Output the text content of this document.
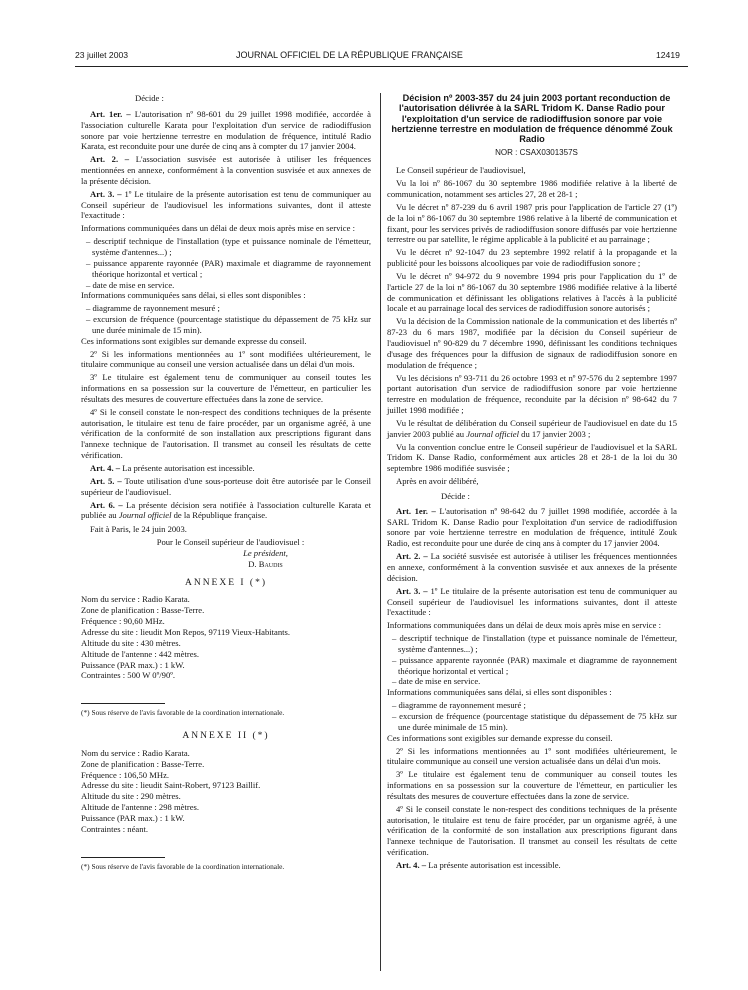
23 juillet 2003	JOURNAL OFFICIEL DE LA RÉPUBLIQUE FRANÇAISE	12419

Décide :

Art. 1er. – L'autorisation nº 98-601 du 29 juillet 1998 modifiée, accordée à l'association culturelle Karata pour l'exploitation d'un service de radiodiffusion sonore par voie hertzienne terrestre en modulation de fréquence, intitulé Radio Karata, est reconduite pour une durée de cinq ans à compter du 17 janvier 2004.

Art. 2. – L'association susvisée est autorisée à utiliser les fréquences mentionnées en annexe, conformément à la convention susvisée et aux annexes de la présente décision.

Art. 3. – 1º Le titulaire de la présente autorisation est tenu de communiquer au Conseil supérieur de l'audiovisuel les informations suivantes, dont il atteste l'exactitude :

Informations communiquées dans un délai de deux mois après mise en service :

– descriptif technique de l'installation (type et puissance nominale de l'émetteur, système d'antennes...) ;

– puissance apparente rayonnée (PAR) maximale et diagramme de rayonnement théorique horizontal et vertical ;

– date de mise en service.

Informations communiquées sans délai, si elles sont disponibles :

– diagramme de rayonnement mesuré ;

– excursion de fréquence (pourcentage statistique du dépassement de 75 kHz sur une durée minimale de 15 min).

Ces informations sont exigibles sur demande expresse du conseil.

2º Si les informations mentionnées au 1º sont modifiées ultérieurement, le titulaire communique au conseil une version actualisée dans un délai d'un mois.

3º Le titulaire est également tenu de communiquer au conseil toutes les informations en sa possession sur la couverture de l'émetteur, en particulier les résultats des mesures de couverture effectuées dans la zone de service.

4º Si le conseil constate le non-respect des conditions techniques de la présente autorisation, le titulaire est tenu de faire procéder, par un organisme agréé, à une vérification de la conformité de son installation aux prescriptions figurant dans l'annexe technique de l'autorisation. Il transmet au conseil les résultats de cette vérification.

Art. 4. – La présente autorisation est incessible.

Art. 5. – Toute utilisation d'une sous-porteuse doit être autorisée par le Conseil supérieur de l'audiovisuel.

Art. 6. – La présente décision sera notifiée à l'association culturelle Karata et publiée au Journal officiel de la République française.

Fait à Paris, le 24 juin 2003.

Pour le Conseil supérieur de l'audiovisuel :

Le président,

D. Baudis

ANNEXE I (*)

Nom du service : Radio Karata.

Zone de planification : Basse-Terre.

Fréquence : 90,60 MHz.

Adresse du site : lieudit Mon Repos, 97119 Vieux-Habitants.

Altitude du site : 430 mètres.

Altitude de l'antenne : 442 mètres.

Puissance (PAR max.) : 1 kW.

Contraintes : 500 W 0º/90º.

(*) Sous réserve de l'avis favorable de la coordination internationale.

ANNEXE II (*)

Nom du service : Radio Karata.

Zone de planification : Basse-Terre.

Fréquence : 106,50 MHz.

Adresse du site : lieudit Saint-Robert, 97123 Baillif.

Altitude du site : 290 mètres.

Altitude de l'antenne : 298 mètres.

Puissance (PAR max.) : 1 kW.

Contraintes : néant.

(*) Sous réserve de l'avis favorable de la coordination internationale.

Décision nº 2003-357 du 24 juin 2003 portant reconduction de l'autorisation délivrée à la SARL Tridom K. Danse Radio pour l'exploitation d'un service de radiodiffusion sonore par voie hertzienne terrestre en modulation de fréquence dénommé Zouk Radio

NOR : CSAX0301357S

Le Conseil supérieur de l'audiovisuel,

Vu la loi nº 86-1067 du 30 septembre 1986 modifiée relative à la liberté de communication, notamment ses articles 27, 28 et 28-1 ;

Vu le décret nº 87-239 du 6 avril 1987 pris pour l'application de l'article 27 (1º) de la loi nº 86-1067 du 30 septembre 1986 relative à la liberté de communication et fixant, pour les services privés de radiodiffusion sonore diffusés par voie hertzienne terrestre ou par satellite, le régime applicable à la publicité et au parrainage ;

Vu le décret nº 92-1047 du 23 septembre 1992 relatif à la propagande et la publicité pour les boissons alcooliques par voie de radiodiffusion sonore ;

Vu le décret nº 94-972 du 9 novembre 1994 pris pour l'application du 1º de l'article 27 de la loi nº 86-1067 du 30 septembre 1986 modifiée relative à la liberté de communication et définissant les obligations relatives à l'accès à la publicité locale et au parrainage local des services de radiodiffusion sonore autorisés ;

Vu la décision de la Commission nationale de la communication et des libertés nº 87-23 du 6 mars 1987, modifiée par la décision du Conseil supérieur de l'audiovisuel nº 90-829 du 7 décembre 1990, définissant les conditions techniques d'usage des fréquences pour la diffusion de signaux de radiodiffusion sonore en modulation de fréquence ;

Vu les décisions nº 93-711 du 26 octobre 1993 et nº 97-576 du 2 septembre 1997 portant autorisation d'un service de radiodiffusion sonore par voie hertzienne terrestre en modulation de fréquence, reconduite par la décision nº 98-642 du 7 juillet 1998 modifiée ;

Vu le résultat de délibération du Conseil supérieur de l'audiovisuel en date du 15 janvier 2003 publié au Journal officiel du 17 janvier 2003 ;

Vu la convention conclue entre le Conseil supérieur de l'audiovisuel et la SARL Tridom K. Danse Radio, conformément aux articles 28 et 28-1 de la loi du 30 septembre 1986 modifiée susvisée ;

Après en avoir délibéré,

Décide :

Art. 1er. – L'autorisation nº 98-642 du 7 juillet 1998 modifiée, accordée à la SARL Tridom K. Danse Radio pour l'exploitation d'un service de radiodiffusion sonore par voie hertzienne terrestre en modulation de fréquence, intitulé Zouk Radio, est reconduite pour une durée de cinq ans à compter du 17 janvier 2004.

Art. 2. – La société susvisée est autorisée à utiliser les fréquences mentionnées en annexe, conformément à la convention susvisée et aux annexes de la présente décision.

Art. 3. – 1º Le titulaire de la présente autorisation est tenu de communiquer au Conseil supérieur de l'audiovisuel les informations suivantes, dont il atteste l'exactitude :

Informations communiquées dans un délai de deux mois après mise en service :

– descriptif technique de l'installation (type et puissance nominale de l'émetteur, système d'antennes...) ;

– puissance apparente rayonnée (PAR) maximale et diagramme de rayonnement théorique horizontal et vertical ;

– date de mise en service.

Informations communiquées sans délai, si elles sont disponibles :

– diagramme de rayonnement mesuré ;

– excursion de fréquence (pourcentage statistique du dépassement de 75 kHz sur une durée minimale de 15 min).

Ces informations sont exigibles sur demande expresse du conseil.

2º Si les informations mentionnées au 1º sont modifiées ultérieurement, le titulaire communique au conseil une version actualisée dans un délai d'un mois.

3º Le titulaire est également tenu de communiquer au conseil toutes les informations en sa possession sur la couverture de l'émetteur, en particulier les résultats des mesures de couverture effectuées dans la zone de service.

4º Si le conseil constate le non-respect des conditions techniques de la présente autorisation, le titulaire est tenu de faire procéder, par un organisme agréé, à une vérification de la conformité de son installation aux prescriptions figurant dans l'annexe technique de l'autorisation. Il transmet au conseil les résultats de cette vérification.

Art. 4. – La présente autorisation est incessible.
